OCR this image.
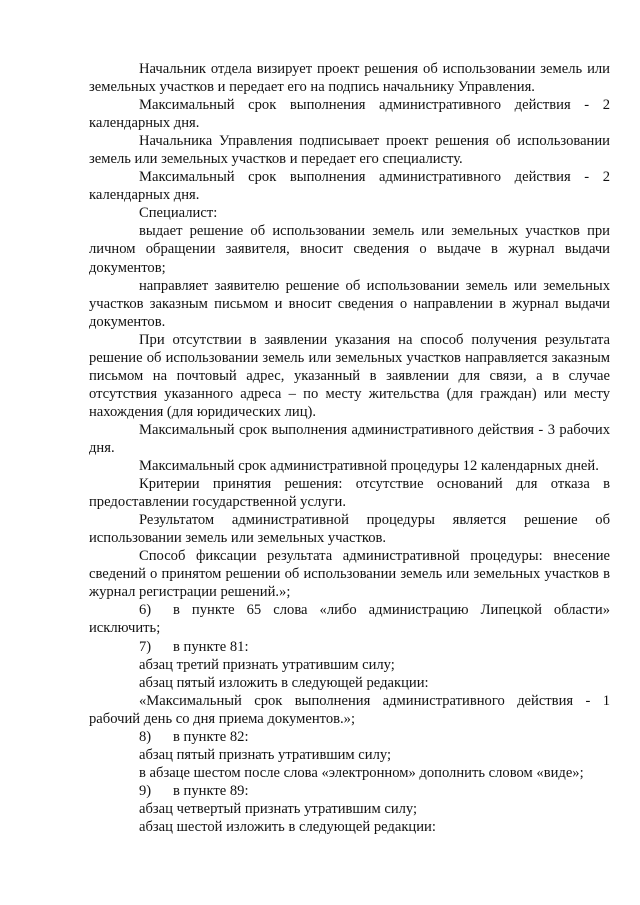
Начальник отдела визирует проект решения об использовании земель или земельных участков и передает его на подпись начальнику Управления.

Максимальный срок выполнения административного действия - 2 календарных дня.

Начальника Управления подписывает проект решения об использовании земель или земельных участков и передает его специалисту.

Максимальный срок выполнения административного действия - 2 календарных дня.

Специалист:

выдает решение об использовании земель или земельных участков при личном обращении заявителя, вносит сведения о выдаче в журнал выдачи документов;

направляет заявителю решение об использовании земель или земельных участков заказным письмом и вносит сведения о направлении в журнал выдачи документов.

При отсутствии в заявлении указания на способ получения результата решение об использовании земель или земельных участков направляется заказным письмом на почтовый адрес, указанный в заявлении для связи, а в случае отсутствия указанного адреса – по месту жительства (для граждан) или месту нахождения (для юридических лиц).

Максимальный срок выполнения административного действия - 3 рабочих дня.

Максимальный срок административной процедуры 12 календарных дней.

Критерии принятия решения: отсутствие оснований для отказа в предоставлении государственной услуги.

Результатом административной процедуры является решение об использовании земель или земельных участков.

Способ фиксации результата административной процедуры: внесение сведений о принятом решении об использовании земель или земельных участков в журнал регистрации решений.»;

6) в пункте 65 слова «либо администрацию Липецкой области» исключить;

7) в пункте 81:

абзац третий признать утратившим силу;

абзац пятый изложить в следующей редакции:

«Максимальный срок выполнения административного действия - 1 рабочий день со дня приема документов.»;

8) в пункте 82:

абзац пятый признать утратившим силу;

в абзаце шестом после слова «электронном» дополнить словом «виде»;

9) в пункте 89:

абзац четвертый признать утратившим силу;

абзац шестой изложить в следующей редакции:
